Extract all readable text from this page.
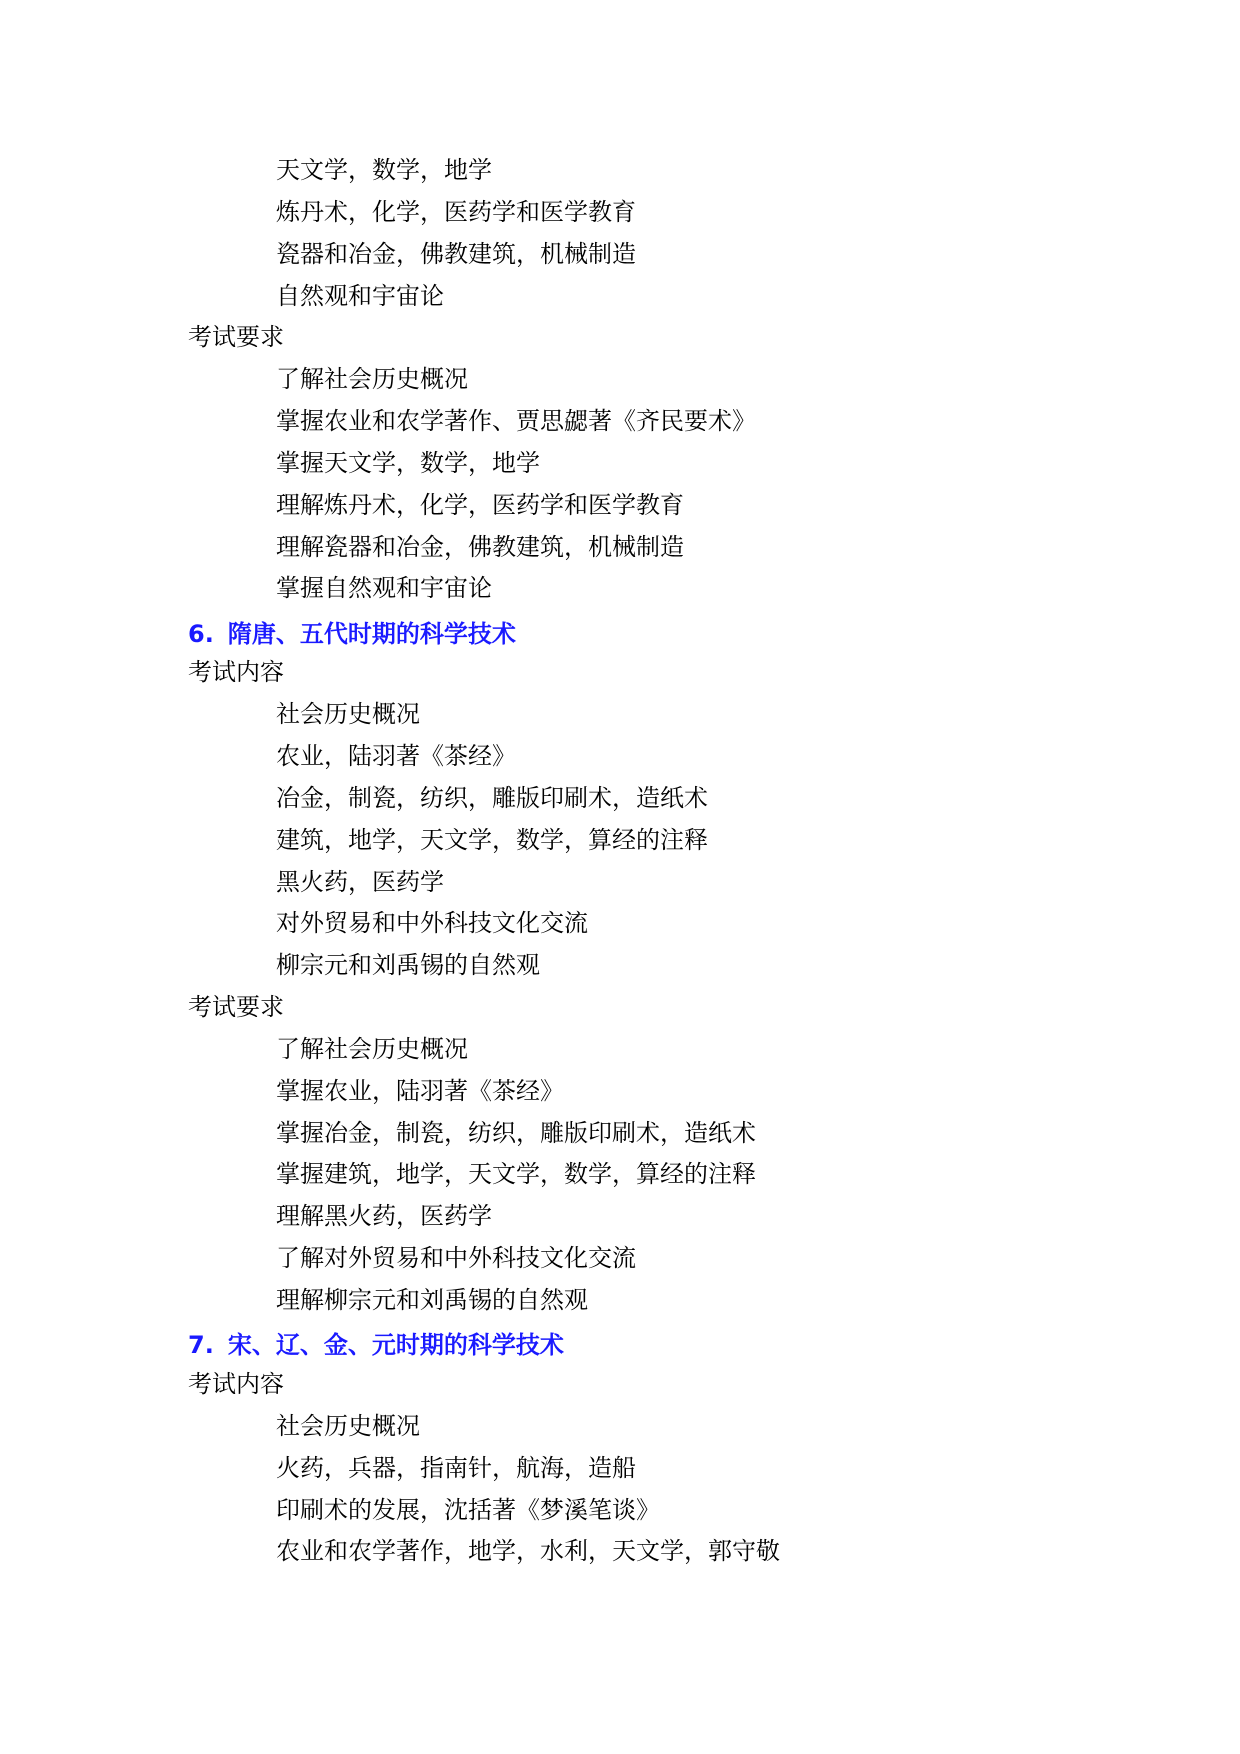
天文学，数学，地学
炼丹术，化学，医药学和医学教育
瓷器和冶金，佛教建筑，机械制造
自然观和宇宙论
考试要求
了解社会历史概况
掌握农业和农学著作、贾思勰著《齐民要术》
掌握天文学，数学，地学
理解炼丹术，化学，医药学和医学教育
理解瓷器和冶金，佛教建筑，机械制造
掌握自然观和宇宙论
6. 隋唐、五代时期的科学技术
考试内容
社会历史概况
农业，陆羽著《茶经》
冶金，制瓷，纺织，雕版印刷术，造纸术
建筑，地学，天文学，数学，算经的注释
黑火药，医药学
对外贸易和中外科技文化交流
柳宗元和刘禹锡的自然观
考试要求
了解社会历史概况
掌握农业，陆羽著《茶经》
掌握冶金，制瓷，纺织，雕版印刷术，造纸术
掌握建筑，地学，天文学，数学，算经的注释
理解黑火药，医药学
了解对外贸易和中外科技文化交流
理解柳宗元和刘禹锡的自然观
7. 宋、辽、金、元时期的科学技术
考试内容
社会历史概况
火药，兵器，指南针，航海，造船
印刷术的发展，沈括著《梦溪笔谈》
农业和农学著作，地学，水利，天文学，郭守敬
